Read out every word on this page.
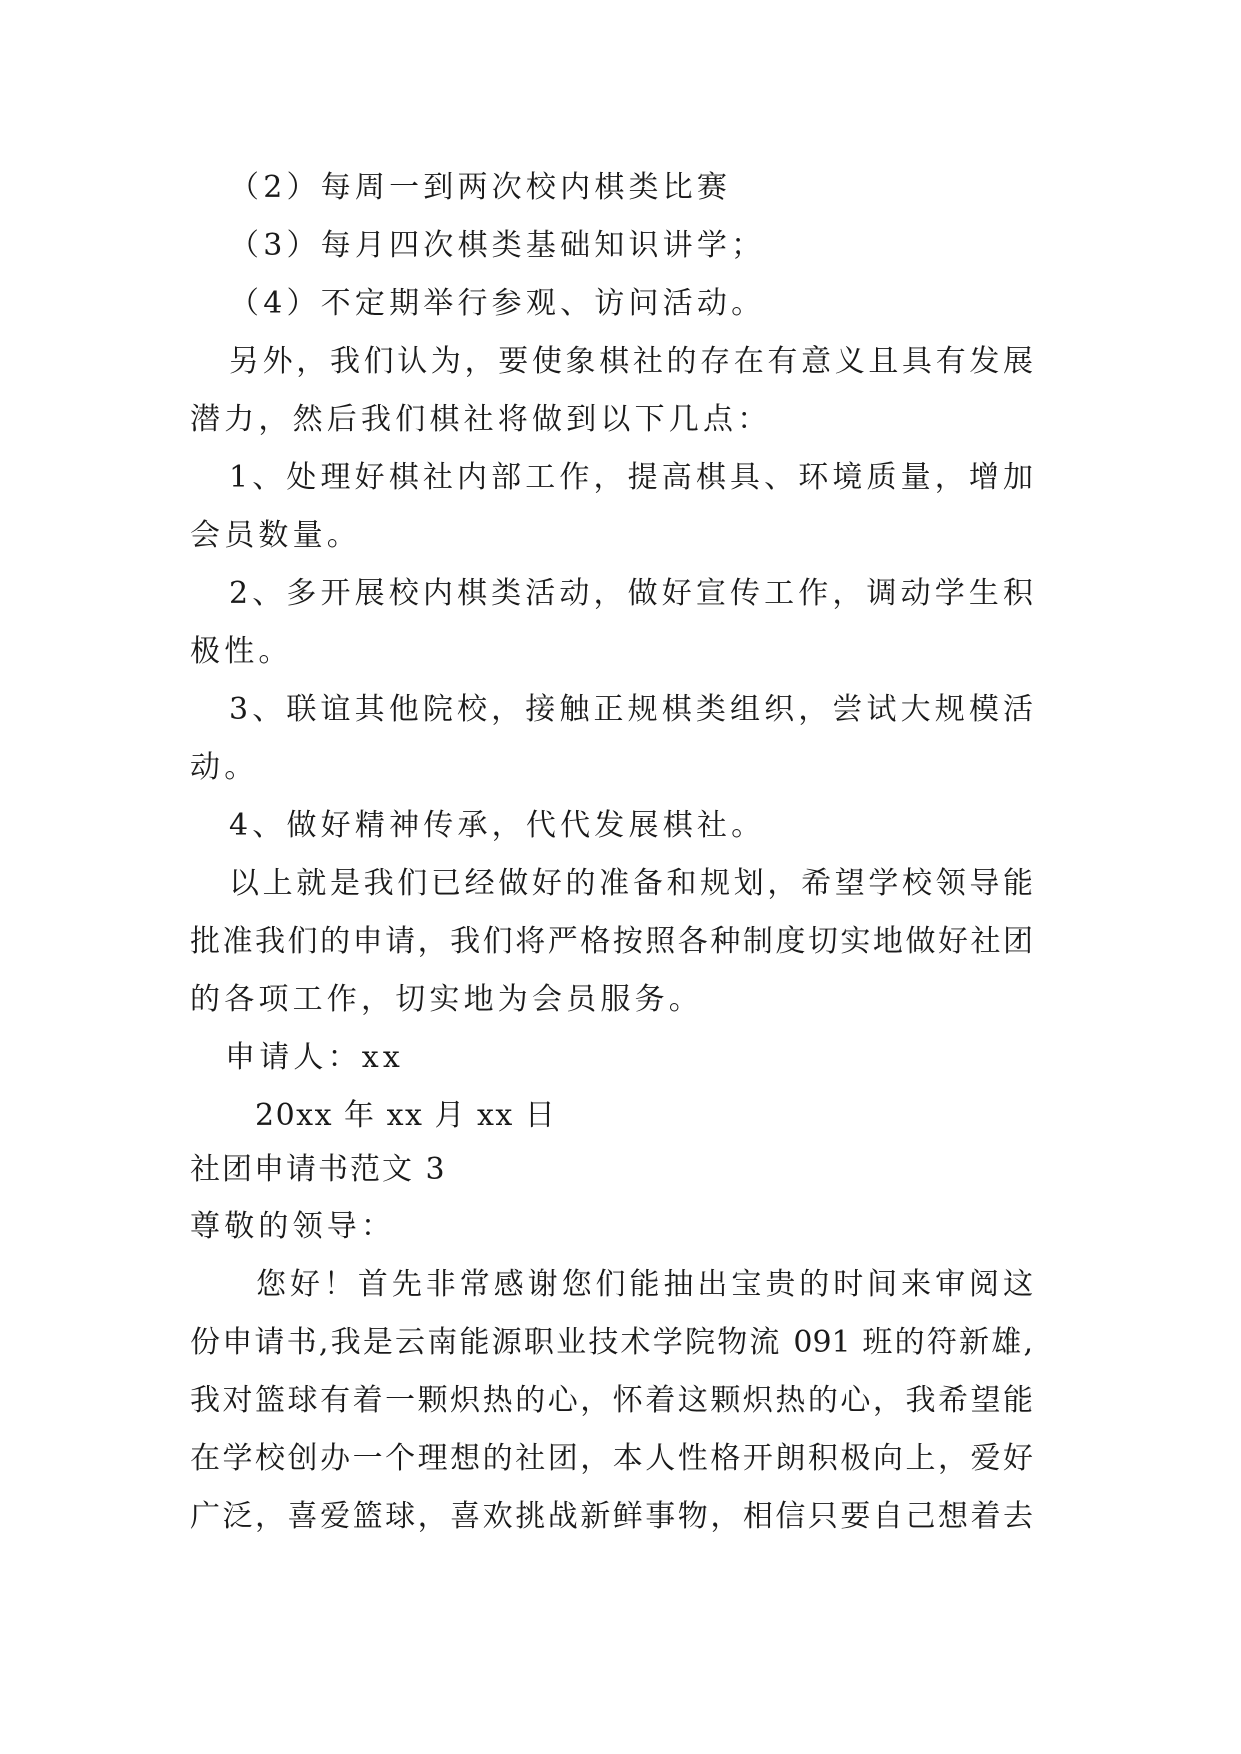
（2）每周一到两次校内棋类比赛
（3）每月四次棋类基础知识讲学；
（4）不定期举行参观、访问活动。
另外，我们认为，要使象棋社的存在有意义且具有发展
潜力，然后我们棋社将做到以下几点：
1、处理好棋社内部工作，提高棋具、环境质量，增加
会员数量。
2、多开展校内棋类活动，做好宣传工作，调动学生积
极性。
3、联谊其他院校，接触正规棋类组织，尝试大规模活
动。
4、做好精神传承，代代发展棋社。
以上就是我们已经做好的准备和规划，希望学校领导能
批准我们的申请，我们将严格按照各种制度切实地做好社团
的各项工作，切实地为会员服务。
申请人：xx
20xx 年 xx 月 xx 日
社团申请书范文 3
尊敬的领导：
您好！首先非常感谢您们能抽出宝贵的时间来审阅这
份申请书,我是云南能源职业技术学院物流 091 班的符新雄,
我对篮球有着一颗炽热的心，怀着这颗炽热的心，我希望能
在学校创办一个理想的社团，本人性格开朗积极向上，爱好
广泛，喜爱篮球，喜欢挑战新鲜事物，相信只要自己想着去
